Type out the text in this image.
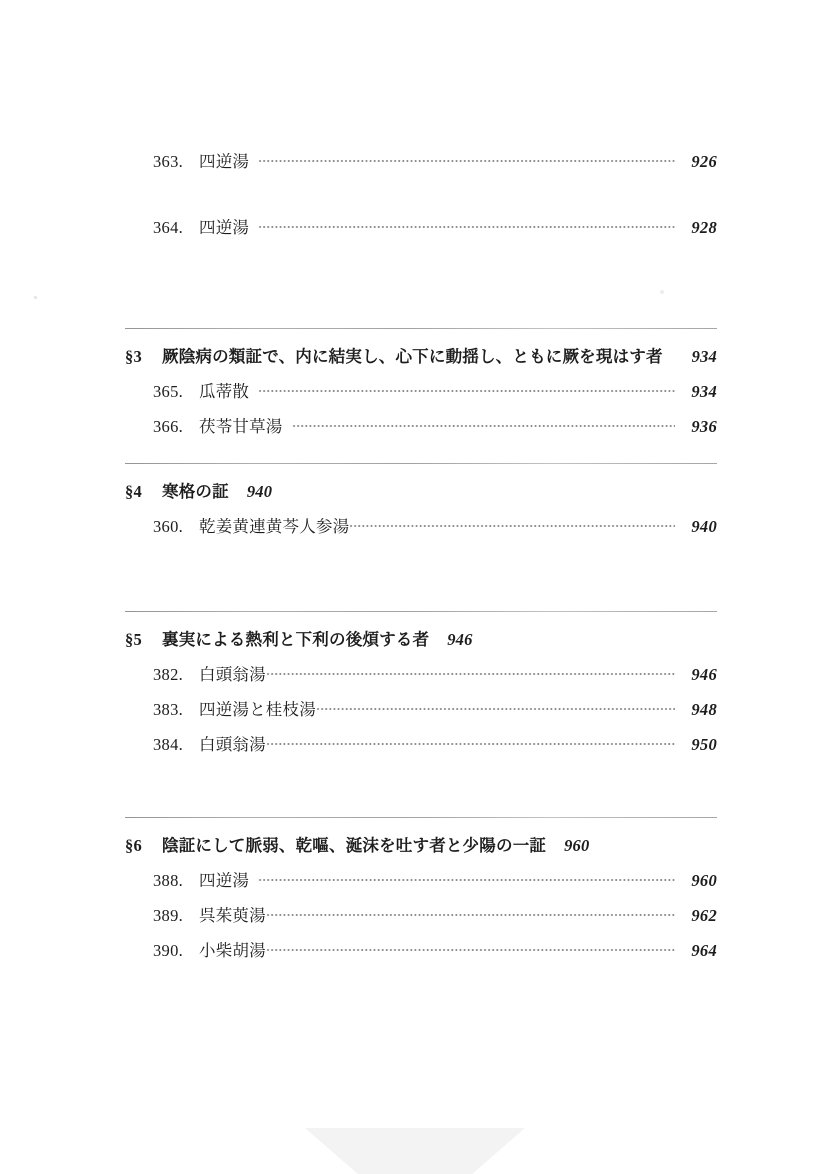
363. 四逆湯	926
364. 四逆湯	928
§3	厥陰病の類証で、内に結実し、心下に動揺し、ともに厥を現はす者	934
365. 瓜蒂散	934
366. 茯苓甘草湯	936
§4	寒格の証 940
360. 乾姜黄連黄芩人参湯	940
§5	裏実による熱利と下利の後煩する者 946
382. 白頭翁湯	946
383. 四逆湯と桂枝湯	948
384. 白頭翁湯	950
§6	陰証にして脈弱、乾嘔、涎沫を吐す者と少陽の一証 960
388. 四逆湯	960
389. 呉茱萸湯	962
390. 小柴胡湯	964
